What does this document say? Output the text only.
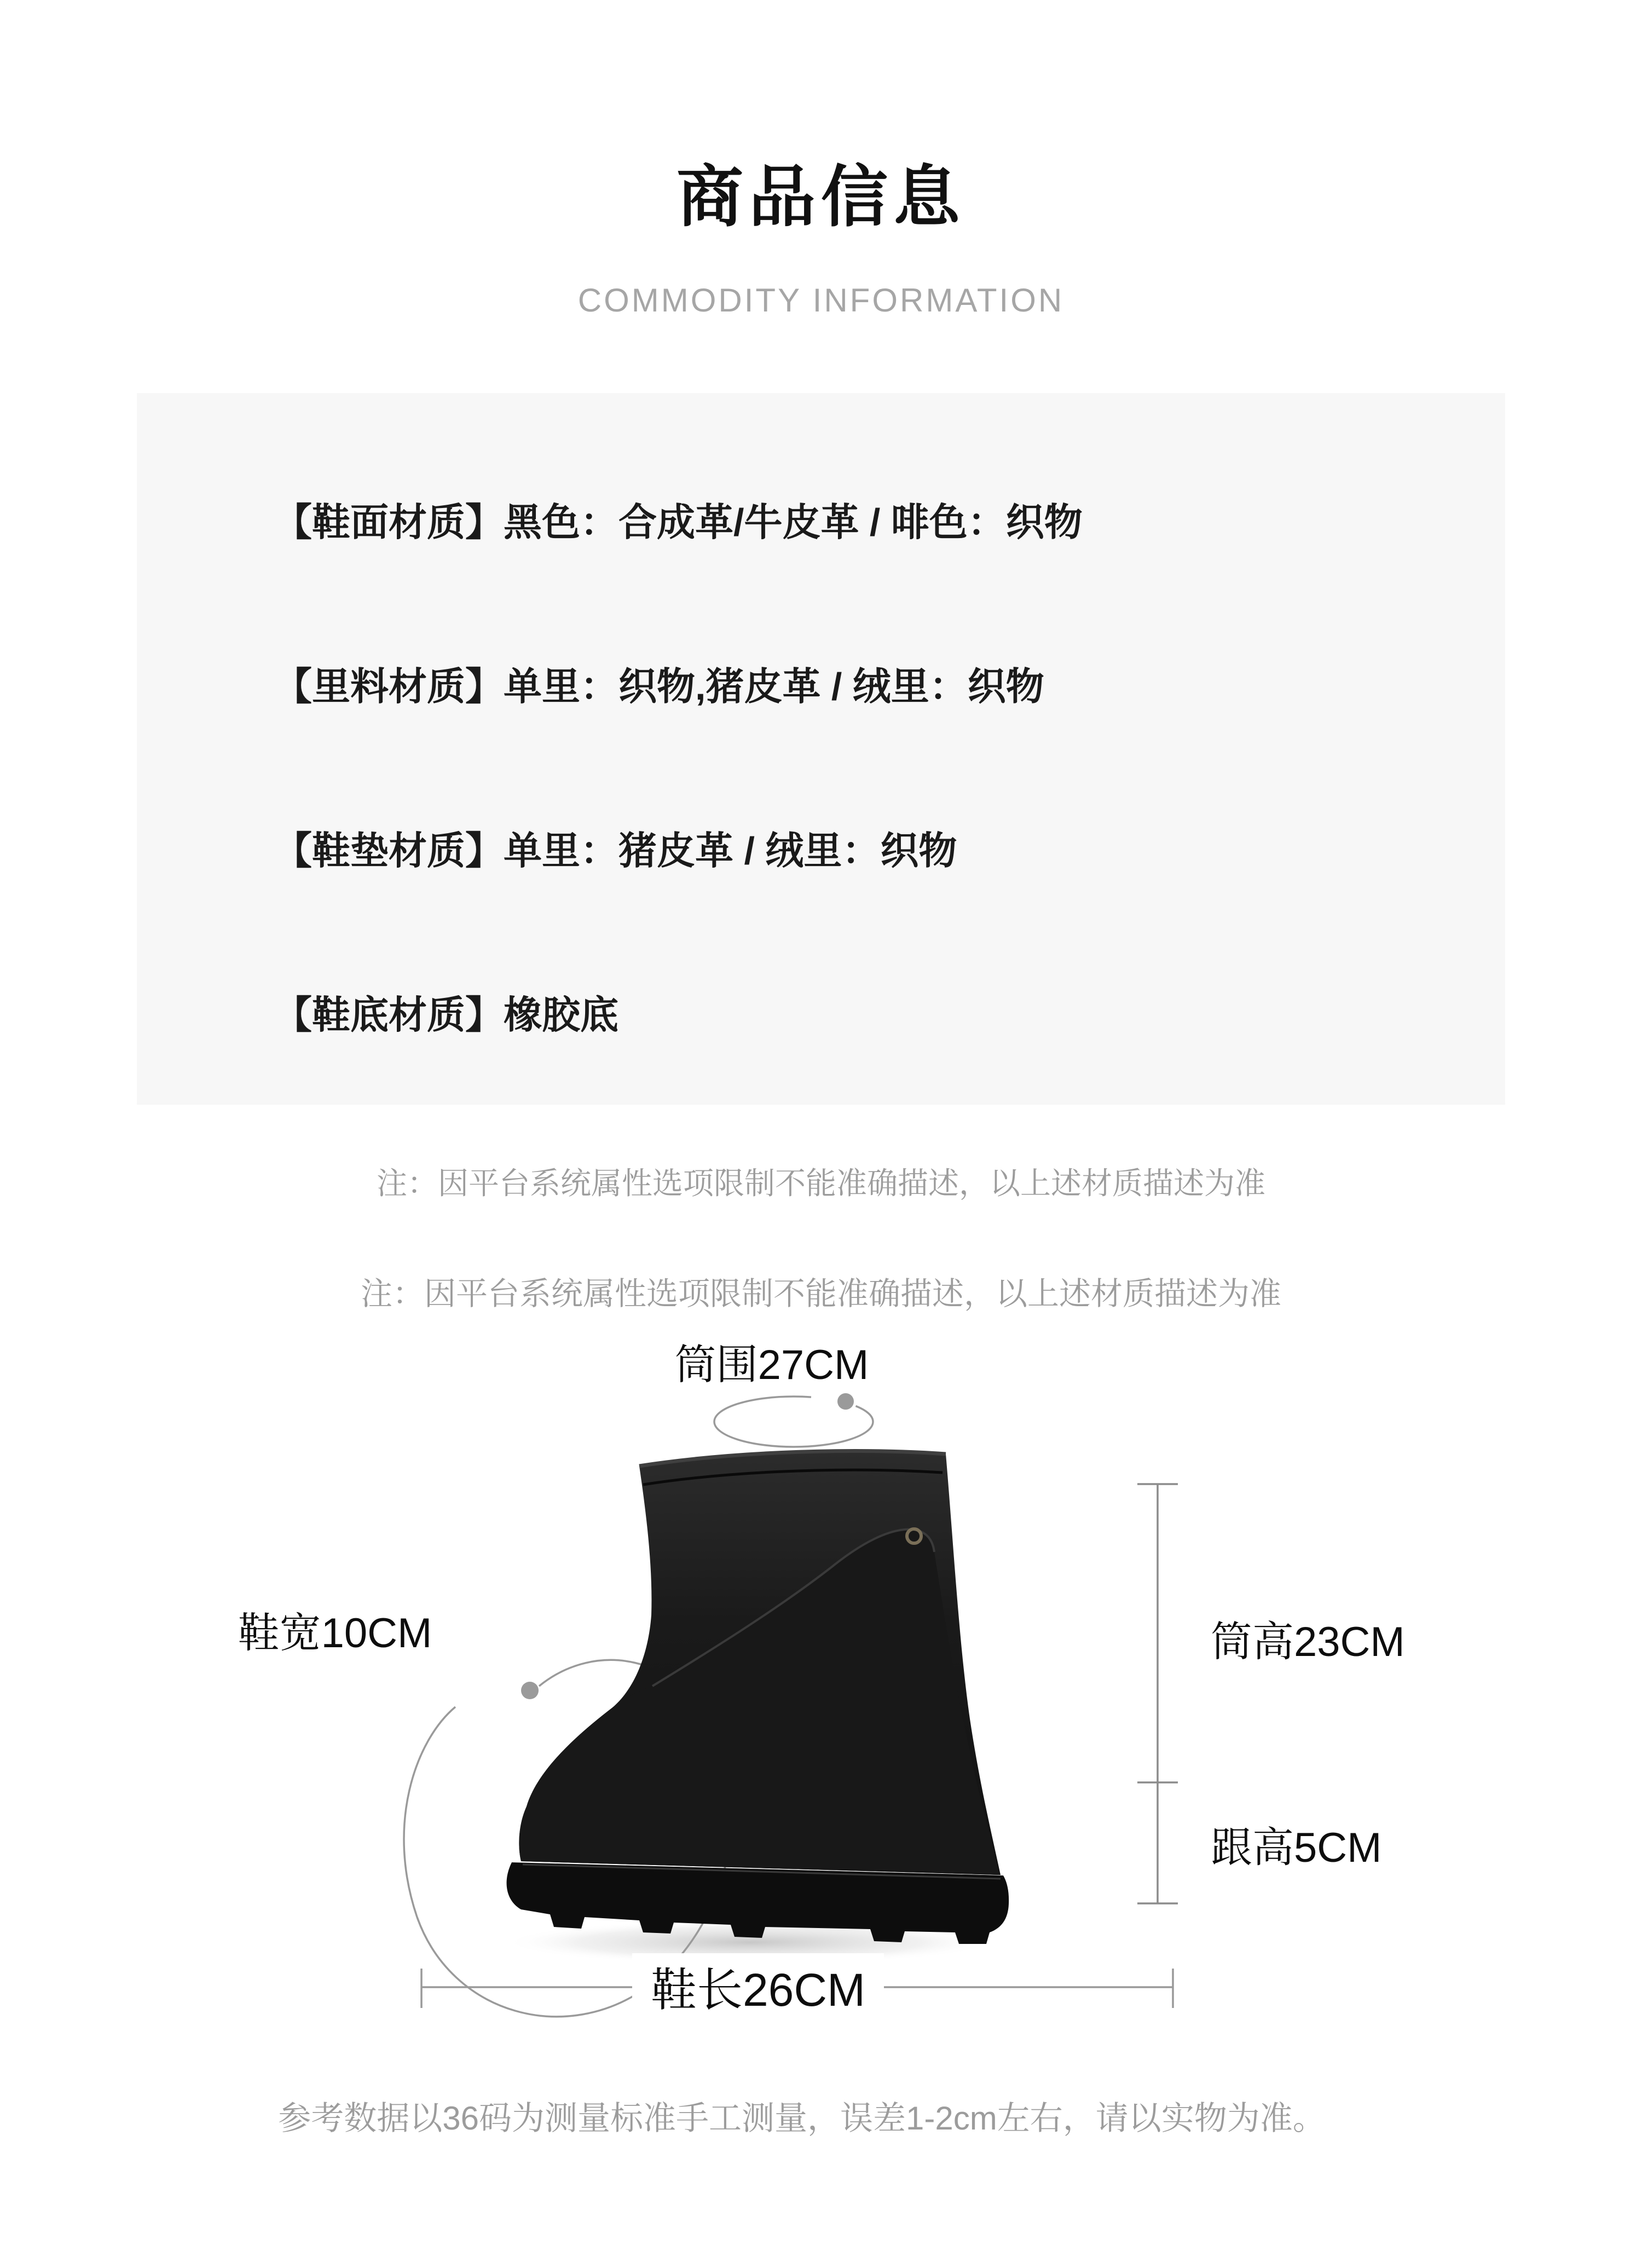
商品信息
COMMODITY INFORMATION
【鞋面材质】黑色：合成革/牛皮革 / 啡色：织物
【里料材质】单里：织物,猪皮革 / 绒里：织物
【鞋垫材质】单里：猪皮革 / 绒里：织物
【鞋底材质】橡胶底
注：因平台系统属性选项限制不能准确描述，以上述材质描述为准
注：因平台系统属性选项限制不能准确描述，以上述材质描述为准
筒围27CM
鞋宽10CM	筒高23CM
跟高5CM
鞋长26CM
参考数据以36码为测量标准手工测量，误差1-2cm左右，请以实物为准。
